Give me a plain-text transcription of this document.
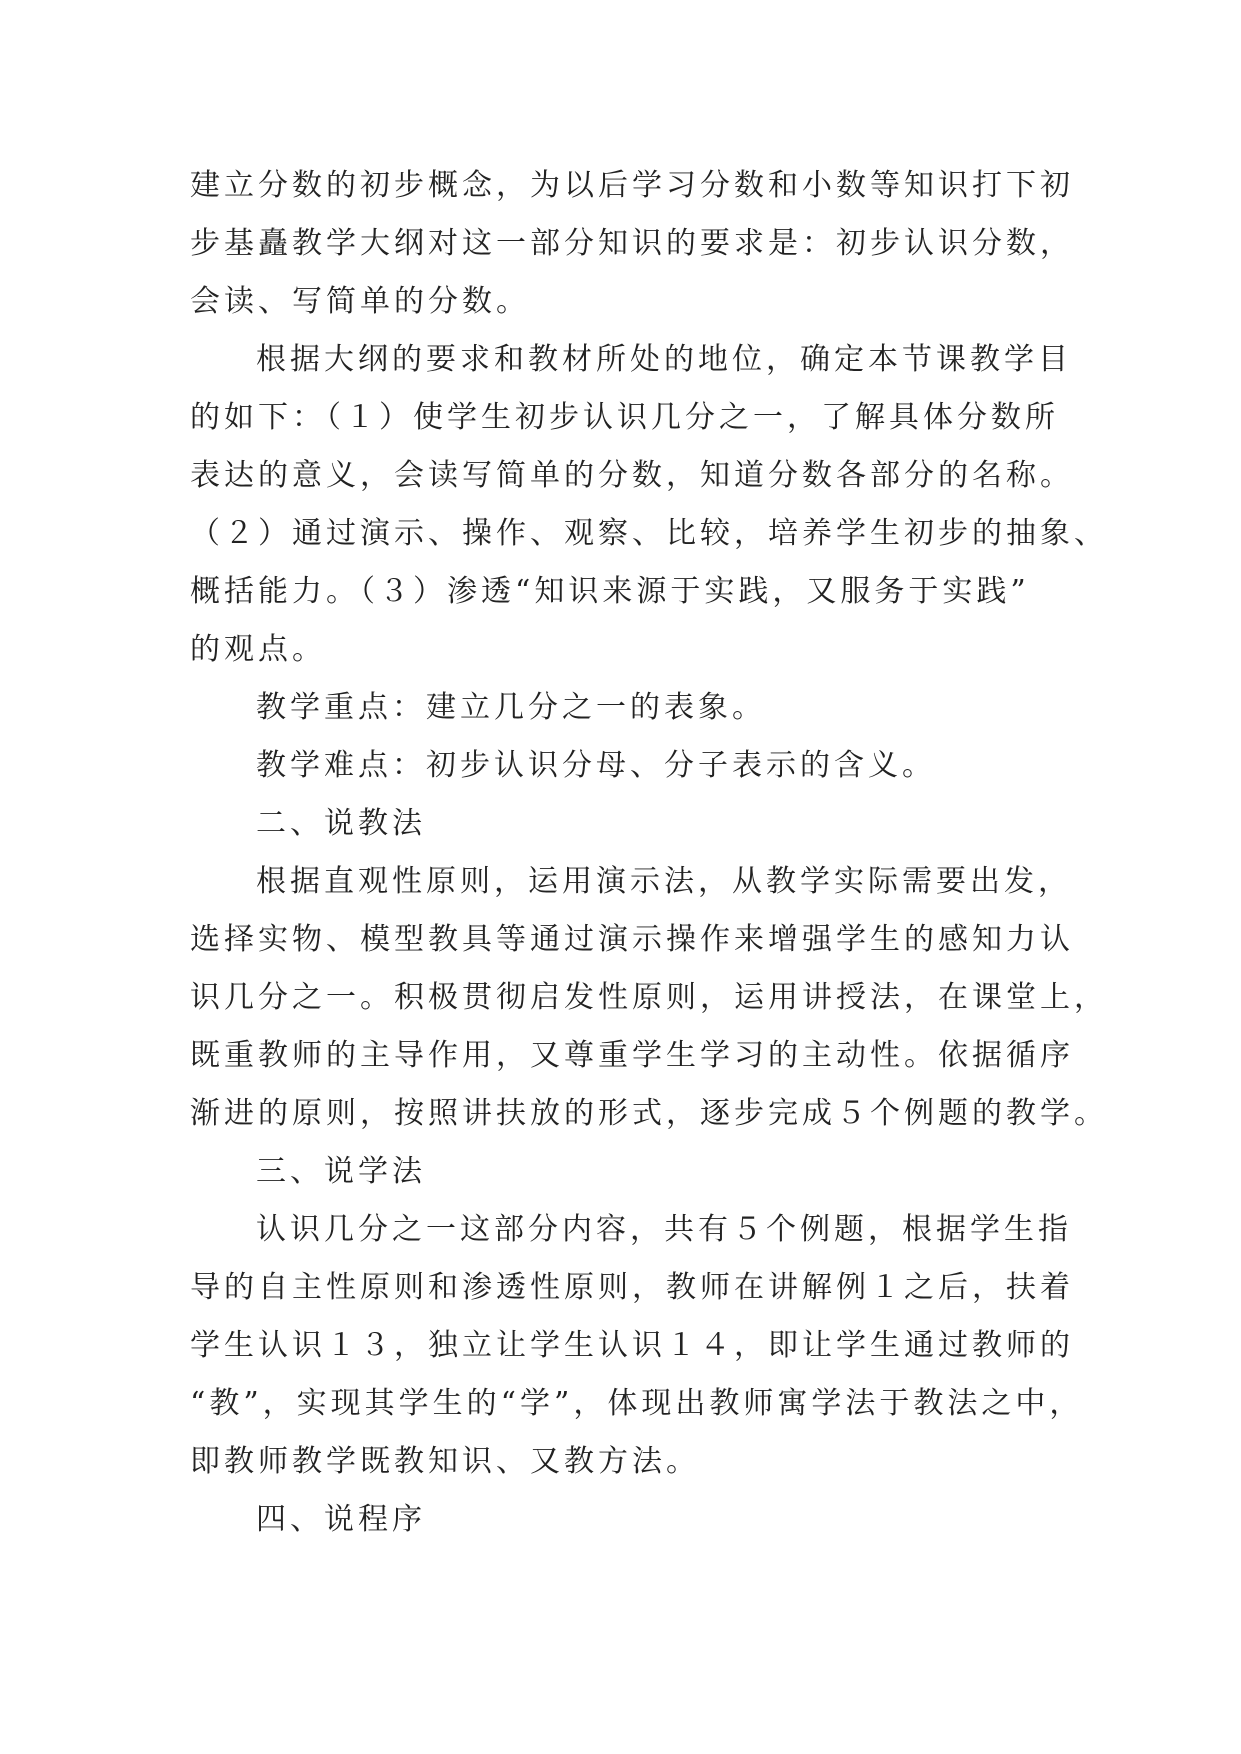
建立分数的初步概念，为以后学习分数和小数等知识打下初
步基矗教学大纲对这一部分知识的要求是：初步认识分数，
会读、写简单的分数。
根据大纲的要求和教材所处的地位，确定本节课教学目
的如下：（１）使学生初步认识几分之一，了解具体分数所
表达的意义，会读写简单的分数，知道分数各部分的名称。
（２）通过演示、操作、观察、比较，培养学生初步的抽象、
概括能力。（３）渗透“知识来源于实践，又服务于实践”
的观点。
教学重点：建立几分之一的表象。
教学难点：初步认识分母、分子表示的含义。
二、说教法
根据直观性原则，运用演示法，从教学实际需要出发，
选择实物、模型教具等通过演示操作来增强学生的感知力认
识几分之一。积极贯彻启发性原则，运用讲授法，在课堂上，
既重教师的主导作用，又尊重学生学习的主动性。依据循序
渐进的原则，按照讲扶放的形式，逐步完成５个例题的教学。
三、说学法
认识几分之一这部分内容，共有５个例题，根据学生指
导的自主性原则和渗透性原则，教师在讲解例１之后，扶着
学生认识１３，独立让学生认识１４，即让学生通过教师的
“教”，实现其学生的“学”，体现出教师寓学法于教法之中，
即教师教学既教知识、又教方法。
四、说程序
